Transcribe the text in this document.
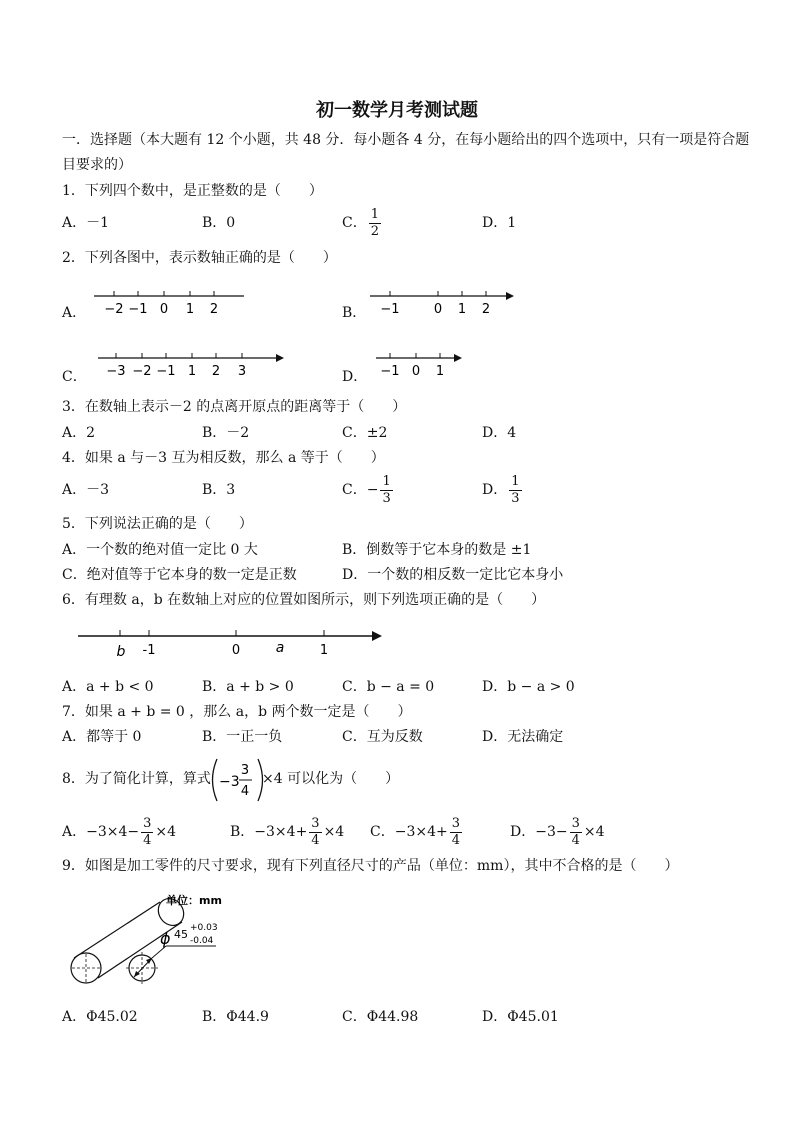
初一数学月考测试题
一．选择题（本大题有 12 个小题，共 48 分．每小题各 4 分，在每小题给出的四个选项中，只有一项是符合题
目要求的）
1．下列四个数中，是正整数的是（　　）
A．－1	B．0	C． $\frac{1}{2}$	D．1
2．下列各图中，表示数轴正确的是（　　）
A． −2 −1 0 1 2	B． −1	0 1 2
C． −3 −2 −1 1 2 3	D． −1 0 1
3．在数轴上表示－2 的点离开原点的距离等于（　　）
A．2	B．－2	C．±2	D．4
4．如果 a 与－3 互为相反数，那么 a 等于（　　）
A．－3	B．3	C．− $\frac{1}{3}$	D． $\frac{1}{3}$
5．下列说法正确的是（　　）
A．一个数的绝对值一定比 0 大	B．倒数等于它本身的数是 ±1
C．绝对值等于它本身的数一定是正数	D．一个数的相反数一定比它本身小
6．有理数 a，b 在数轴上对应的位置如图所示，则下列选项正确的是（　　）
b -1	0	a	1
A．a + b < 0	B．a + b > 0	C．b − a = 0	D．b − a > 0
7．如果 a + b = 0 ，那么 a，b 两个数一定是（　　）
A．都等于 0	B．一正一负	C．互为反数	D．无法确定
8．为了简化计算，算式 −3
3
4
×4 可以化为（　　）
A．$-3\times 4- \frac{3}{4} \times 4$	B．$-3\times 4+ \frac{3}{4} \times 4$ C．$-3\times 4+ \frac{3}{4}$	D．$-3- \frac{3}{4} \times 4$
9．如图是加工零件的尺寸要求，现有下列直径尺寸的产品（单位：mm），其中不合格的是（　　）
单位：mm
ϕ 45 +0.03
-0.04
A．Φ45.02	B．Φ44.9	C．Φ44.98	D．Φ45.01
